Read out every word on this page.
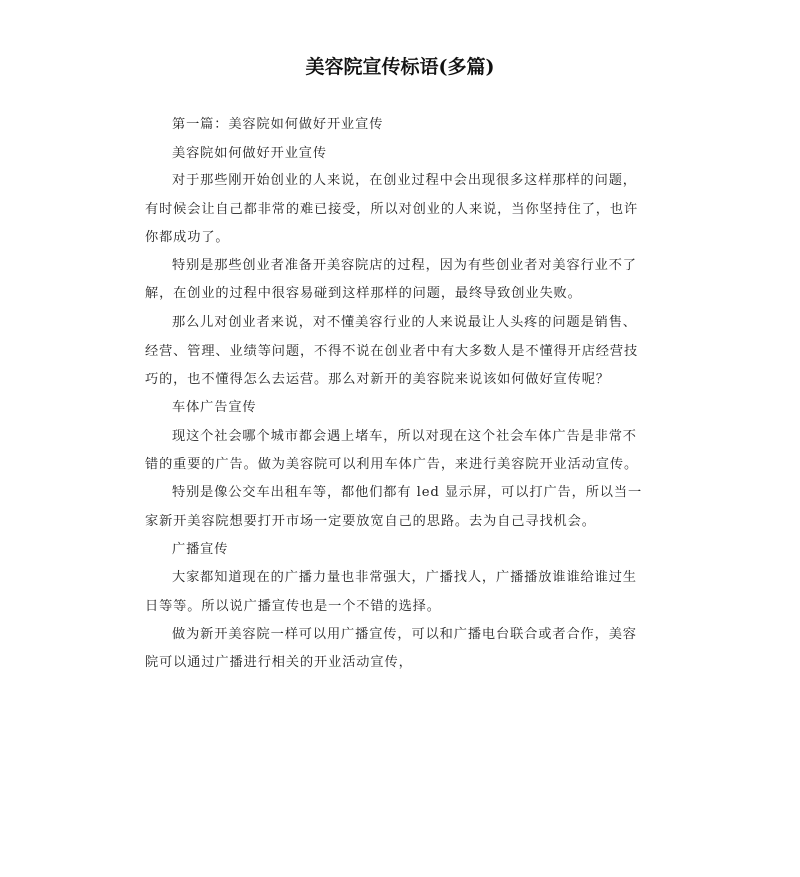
美容院宣传标语(多篇)
第一篇：美容院如何做好开业宣传
美容院如何做好开业宣传
对于那些刚开始创业的人来说，在创业过程中会出现很多这样那样的问题，
有时候会让自己都非常的难已接受，所以对创业的人来说，当你坚持住了，也许
你都成功了。
特别是那些创业者准备开美容院店的过程，因为有些创业者对美容行业不了
解，在创业的过程中很容易碰到这样那样的问题，最终导致创业失败。
那么儿对创业者来说，对不懂美容行业的人来说最让人头疼的问题是销售、
经营、管理、业绩等问题，不得不说在创业者中有大多数人是不懂得开店经营技
巧的，也不懂得怎么去运营。那么对新开的美容院来说该如何做好宣传呢？
车体广告宣传
现这个社会哪个城市都会遇上堵车，所以对现在这个社会车体广告是非常不
错的重要的广告。做为美容院可以利用车体广告，来进行美容院开业活动宣传。
特别是像公交车出租车等，都他们都有 led 显示屏，可以打广告，所以当一
家新开美容院想要打开市场一定要放宽自己的思路。去为自己寻找机会。
广播宣传
大家都知道现在的广播力量也非常强大，广播找人，广播播放谁谁给谁过生
日等等。所以说广播宣传也是一个不错的选择。
做为新开美容院一样可以用广播宣传，可以和广播电台联合或者合作，美容
院可以通过广播进行相关的开业活动宣传，
